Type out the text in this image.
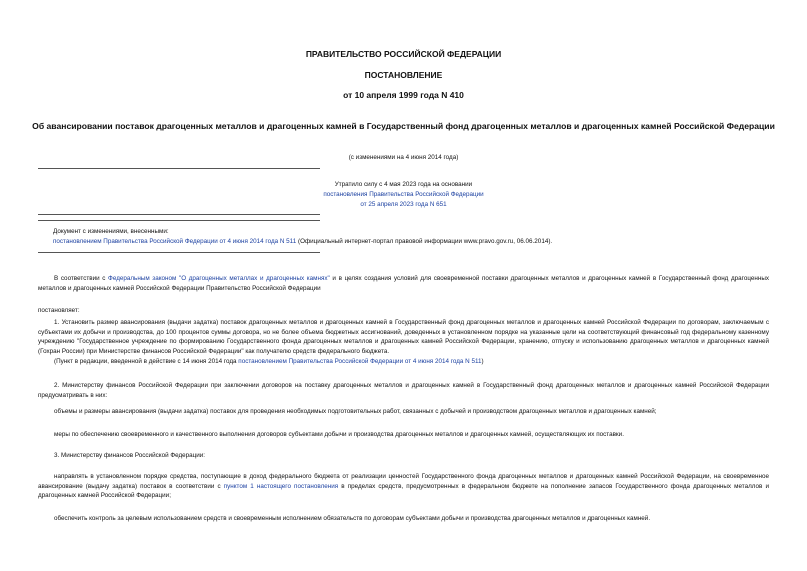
ПРАВИТЕЛЬСТВО РОССИЙСКОЙ ФЕДЕРАЦИИ
ПОСТАНОВЛЕНИЕ
от 10 апреля 1999 года N 410
Об авансировании поставок драгоценных металлов и драгоценных камней в Государственный фонд драгоценных металлов и драгоценных камней Российской Федерации
(с изменениями на 4 июня 2014 года)
Утратило силу с 4 мая 2023 года на основании
постановления Правительства Российской Федерации
от 25 апреля 2023 года N 651
Документ с изменениями, внесенными:
постановлением Правительства Российской Федерации от 4 июня 2014 года N 511 (Официальный интернет-портал правовой информации www.pravo.gov.ru, 06.06.2014).
В соответствии с Федеральным законом "О драгоценных металлах и драгоценных камнях" и в целях создания условий для своевременной поставки драгоценных металлов и драгоценных камней в Государственный фонд драгоценных металлов и драгоценных камней Российской Федерации Правительство Российской Федерации
постановляет:
1. Установить размер авансирования (выдачи задатка) поставок драгоценных металлов и драгоценных камней в Государственный фонд драгоценных металлов и драгоценных камней Российской Федерации по договорам, заключаемым с субъектами их добычи и производства, до 100 процентов суммы договора, но не более объема бюджетных ассигнований, доведенных в установленном порядке на указанные цели на соответствующий финансовый год федеральному казенному учреждению "Государственное учреждение по формированию Государственного фонда драгоценных металлов и драгоценных камней Российской Федерации, хранению, отпуску и использованию драгоценных металлов и драгоценных камней (Гохран России) при Министерстве финансов Российской Федерации" как получателю средств федерального бюджета.
(Пункт в редакции, введенной в действие с 14 июня 2014 года постановлением Правительства Российской Федерации от 4 июня 2014 года N 511)
2. Министерству финансов Российской Федерации при заключении договоров на поставку драгоценных металлов и драгоценных камней в Государственный фонд драгоценных металлов и драгоценных камней Российской Федерации предусматривать в них:
объемы и размеры авансирования (выдачи задатка) поставок для проведения необходимых подготовительных работ, связанных с добычей и производством драгоценных металлов и драгоценных камней;
меры по обеспечению своевременного и качественного выполнения договоров субъектами добычи и производства драгоценных металлов и драгоценных камней, осуществляющих их поставки.
3. Министерству финансов Российской Федерации:
направлять в установленном порядке средства, поступающие в доход федерального бюджета от реализации ценностей Государственного фонда драгоценных металлов и драгоценных камней Российской Федерации, на своевременное авансирование (выдачу задатка) поставок в соответствии с пунктом 1 настоящего постановления в пределах средств, предусмотренных в федеральном бюджете на пополнение запасов Государственного фонда драгоценных металлов и драгоценных камней Российской Федерации;
обеспечить контроль за целевым использованием средств и своевременным исполнением обязательств по договорам субъектами добычи и производства драгоценных металлов и драгоценных камней.
